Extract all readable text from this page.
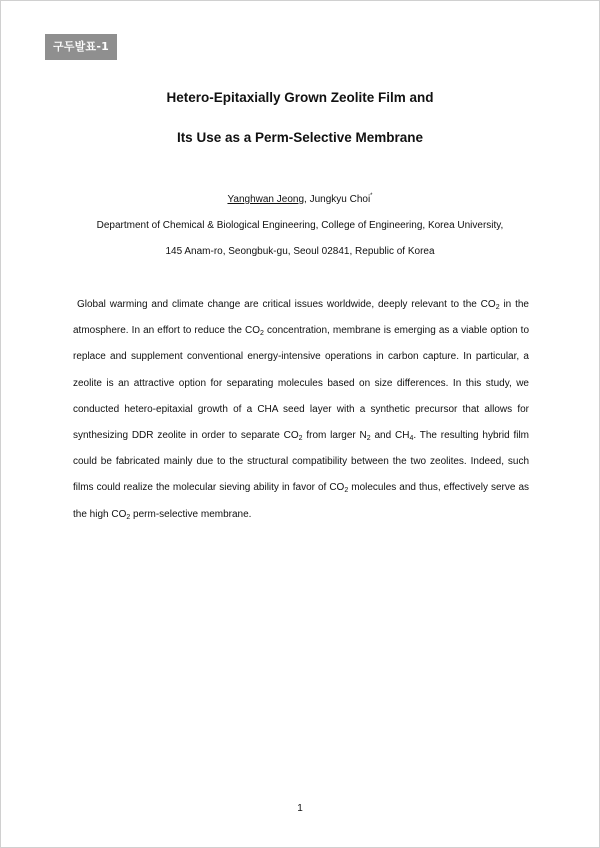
구두발표-1
Hetero-Epitaxially Grown Zeolite Film and
Its Use as a Perm-Selective Membrane
Yanghwan Jeong, Jungkyu Choi*
Department of Chemical & Biological Engineering, College of Engineering, Korea University,
145 Anam-ro, Seongbuk-gu, Seoul 02841, Republic of Korea

Global warming and climate change are critical issues worldwide, deeply relevant to the $CO_2$ in the atmosphere. In an effort to reduce the $CO_2$ concentration, membrane is emerging as a viable option to replace and supplement conventional energy-intensive operations in carbon capture. In particular, a zeolite is an attractive option for separating molecules based on size differences. In this study, we conducted hetero-epitaxial growth of a CHA seed layer with a synthetic precursor that allows for synthesizing DDR zeolite in order to separate $CO_2$ from larger $N_2$ and $CH_4$. The resulting hybrid film could be fabricated mainly due to the structural compatibility between the two zeolites. Indeed, such films could realize the molecular sieving ability in favor of $CO_2$ molecules and thus, effectively serve as the high $CO_2$ perm-selective membrane.

1
